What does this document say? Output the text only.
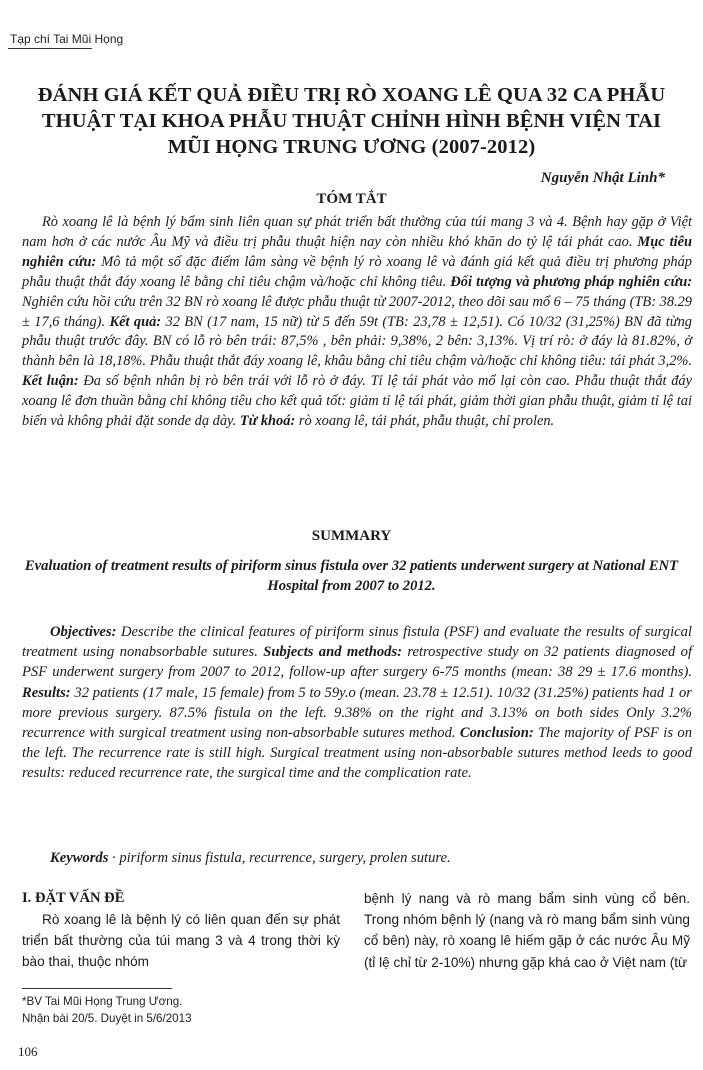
Tạp chí Tai Mũi Họng
ĐÁNH GIÁ KẾT QUẢ ĐIỀU TRỊ RÒ XOANG LÊ QUA 32 CA PHẪU THUẬT TẠI KHOA PHẪU THUẬT CHỈNH HÌNH BỆNH VIỆN TAI MŨI HỌNG TRUNG ƯƠNG (2007-2012)
Nguyễn Nhật Linh*
TÓM TẮT

Rò xoang lê là bệnh lý bẩm sinh liên quan sự phát triển bất thường của túi mang 3 và 4. Bệnh hay gặp ở Việt nam hơn ở các nước Âu Mỹ và điều trị phẫu thuật hiện nay còn nhiều khó khăn do tỷ lệ tái phát cao. Mục tiêu nghiên cứu: Mô tả một số đặc điểm lâm sàng về bệnh lý rò xoang lê và đánh giá kết quả điều trị phương pháp phẫu thuật thắt đáy xoang lê bằng chỉ tiêu chậm và/hoặc chỉ không tiêu. Đối tượng và phương pháp nghiên cứu: Nghiên cứu hồi cứu trên 32 BN rò xoang lê được phẫu thuật từ 2007-2012, theo dõi sau mổ 6 – 75 tháng (TB: 38.29 ± 17,6 tháng). Kết quả: 32 BN (17 nam, 15 nữ) từ 5 đến 59t (TB: 23,78 ± 12,51). Có 10/32 (31,25%) BN đã từng phẫu thuật trước đây. BN có lỗ rò bên trái: 87,5% , bên phải: 9,38%, 2 bên: 3,13%. Vị trí rò: ở đáy là 81.82%, ở thành bên là 18,18%. Phẫu thuật thắt đáy xoang lê, khâu bằng chỉ tiêu chậm và/hoặc chỉ không tiêu: tái phát 3,2%. Kết luận: Đa số bệnh nhân bị rò bên trái với lỗ rò ở đáy. Tỉ lệ tái phát vào mổ lại còn cao. Phẫu thuật thắt đáy xoang lê đơn thuần bằng chỉ không tiêu cho kết quả tốt: giảm tỉ lệ tái phát, giảm thời gian phẫu thuật, giảm tỉ lệ tai biến và không phải đặt sonde dạ dày. Từ khoá: rò xoang lê, tái phát, phẫu thuật, chỉ prolen.

SUMMARY

Evaluation of treatment results of piriform sinus fistula over 32 patients underwent surgery at National ENT Hospital from 2007 to 2012.

Objectives: Describe the clinical features of piriform sinus fistula (PSF) and evaluate the results of surgical treatment using nonabsorbable sutures. Subjects and methods: retrospective study on 32 patients diagnosed of PSF underwent surgery from 2007 to 2012, follow-up after surgery 6-75 months (mean: 38 29 ± 17.6 months). Results: 32 patients (17 male, 15 female) from 5 to 59y.o (mean. 23.78 ± 12.51). 10/32 (31.25%) patients had 1 or more previous surgery. 87.5% fistula on the left. 9.38% on the right and 3.13% on both sides Only 3.2% recurrence with surgical treatment using non-absorbable sutures method. Conclusion: The majority of PSF is on the left. The recurrence rate is still high. Surgical treatment using non-absorbable sutures method leeds to good results: reduced recurrence rate, the surgical time and the complication rate.

Keywords · piriform sinus fistula, recurrence, surgery, prolen suture.

I. ĐẶT VẤN ĐỀ

Rò xoang lê là bệnh lý có liên quan đến sự phát triển bất thường của túi mang 3 và 4 trong thời kỳ bào thai, thuộc nhóm

bệnh lý nang và rò mang bẩm sinh vùng cổ bên. Trong nhóm bệnh lý (nang và rò mang bẩm sinh vùng cổ bên) này, rò xoang lê hiếm gặp ở các nước Âu Mỹ (tỉ lệ chỉ từ 2-10%) nhưng gặp khá cao ở Việt nam (từ

*BV Tai Mũi Họng Trung Ương.
Nhận bài 20/5. Duyệt in 5/6/2013
106
